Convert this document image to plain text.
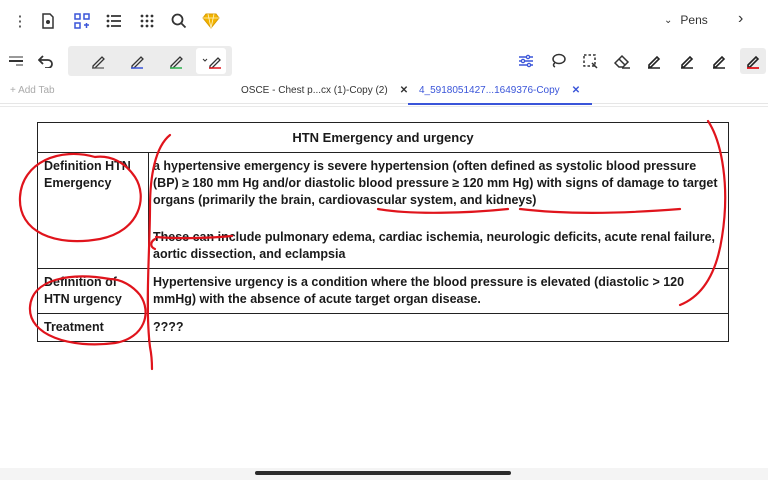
⋮	⌄ Pens ›
+ Add Tab	OSCE - Chest p...cx (1)-Copy (2) ✕ 4_5918051427...1649376-Copy ✕
HTN Emergency and urgency	
Definition HTN Emergency	a hypertensive emergency is severe hypertension (often defined as systolic blood pressure (BP) ≥ 180 mm Hg and/or diastolic blood pressure ≥ 120 mm Hg) with signs of damage to target organs (primarily the brain, cardiovascular system, and kidneys)
These can include pulmonary edema, cardiac ischemia, neurologic deficits, acute renal failure, aortic dissection, and eclampsia

Definition of HTN urgency	Hypertensive urgency is a condition where the blood pressure is elevated (diastolic > 120 mmHg) with the absence of acute target organ disease.
Treatment	????
